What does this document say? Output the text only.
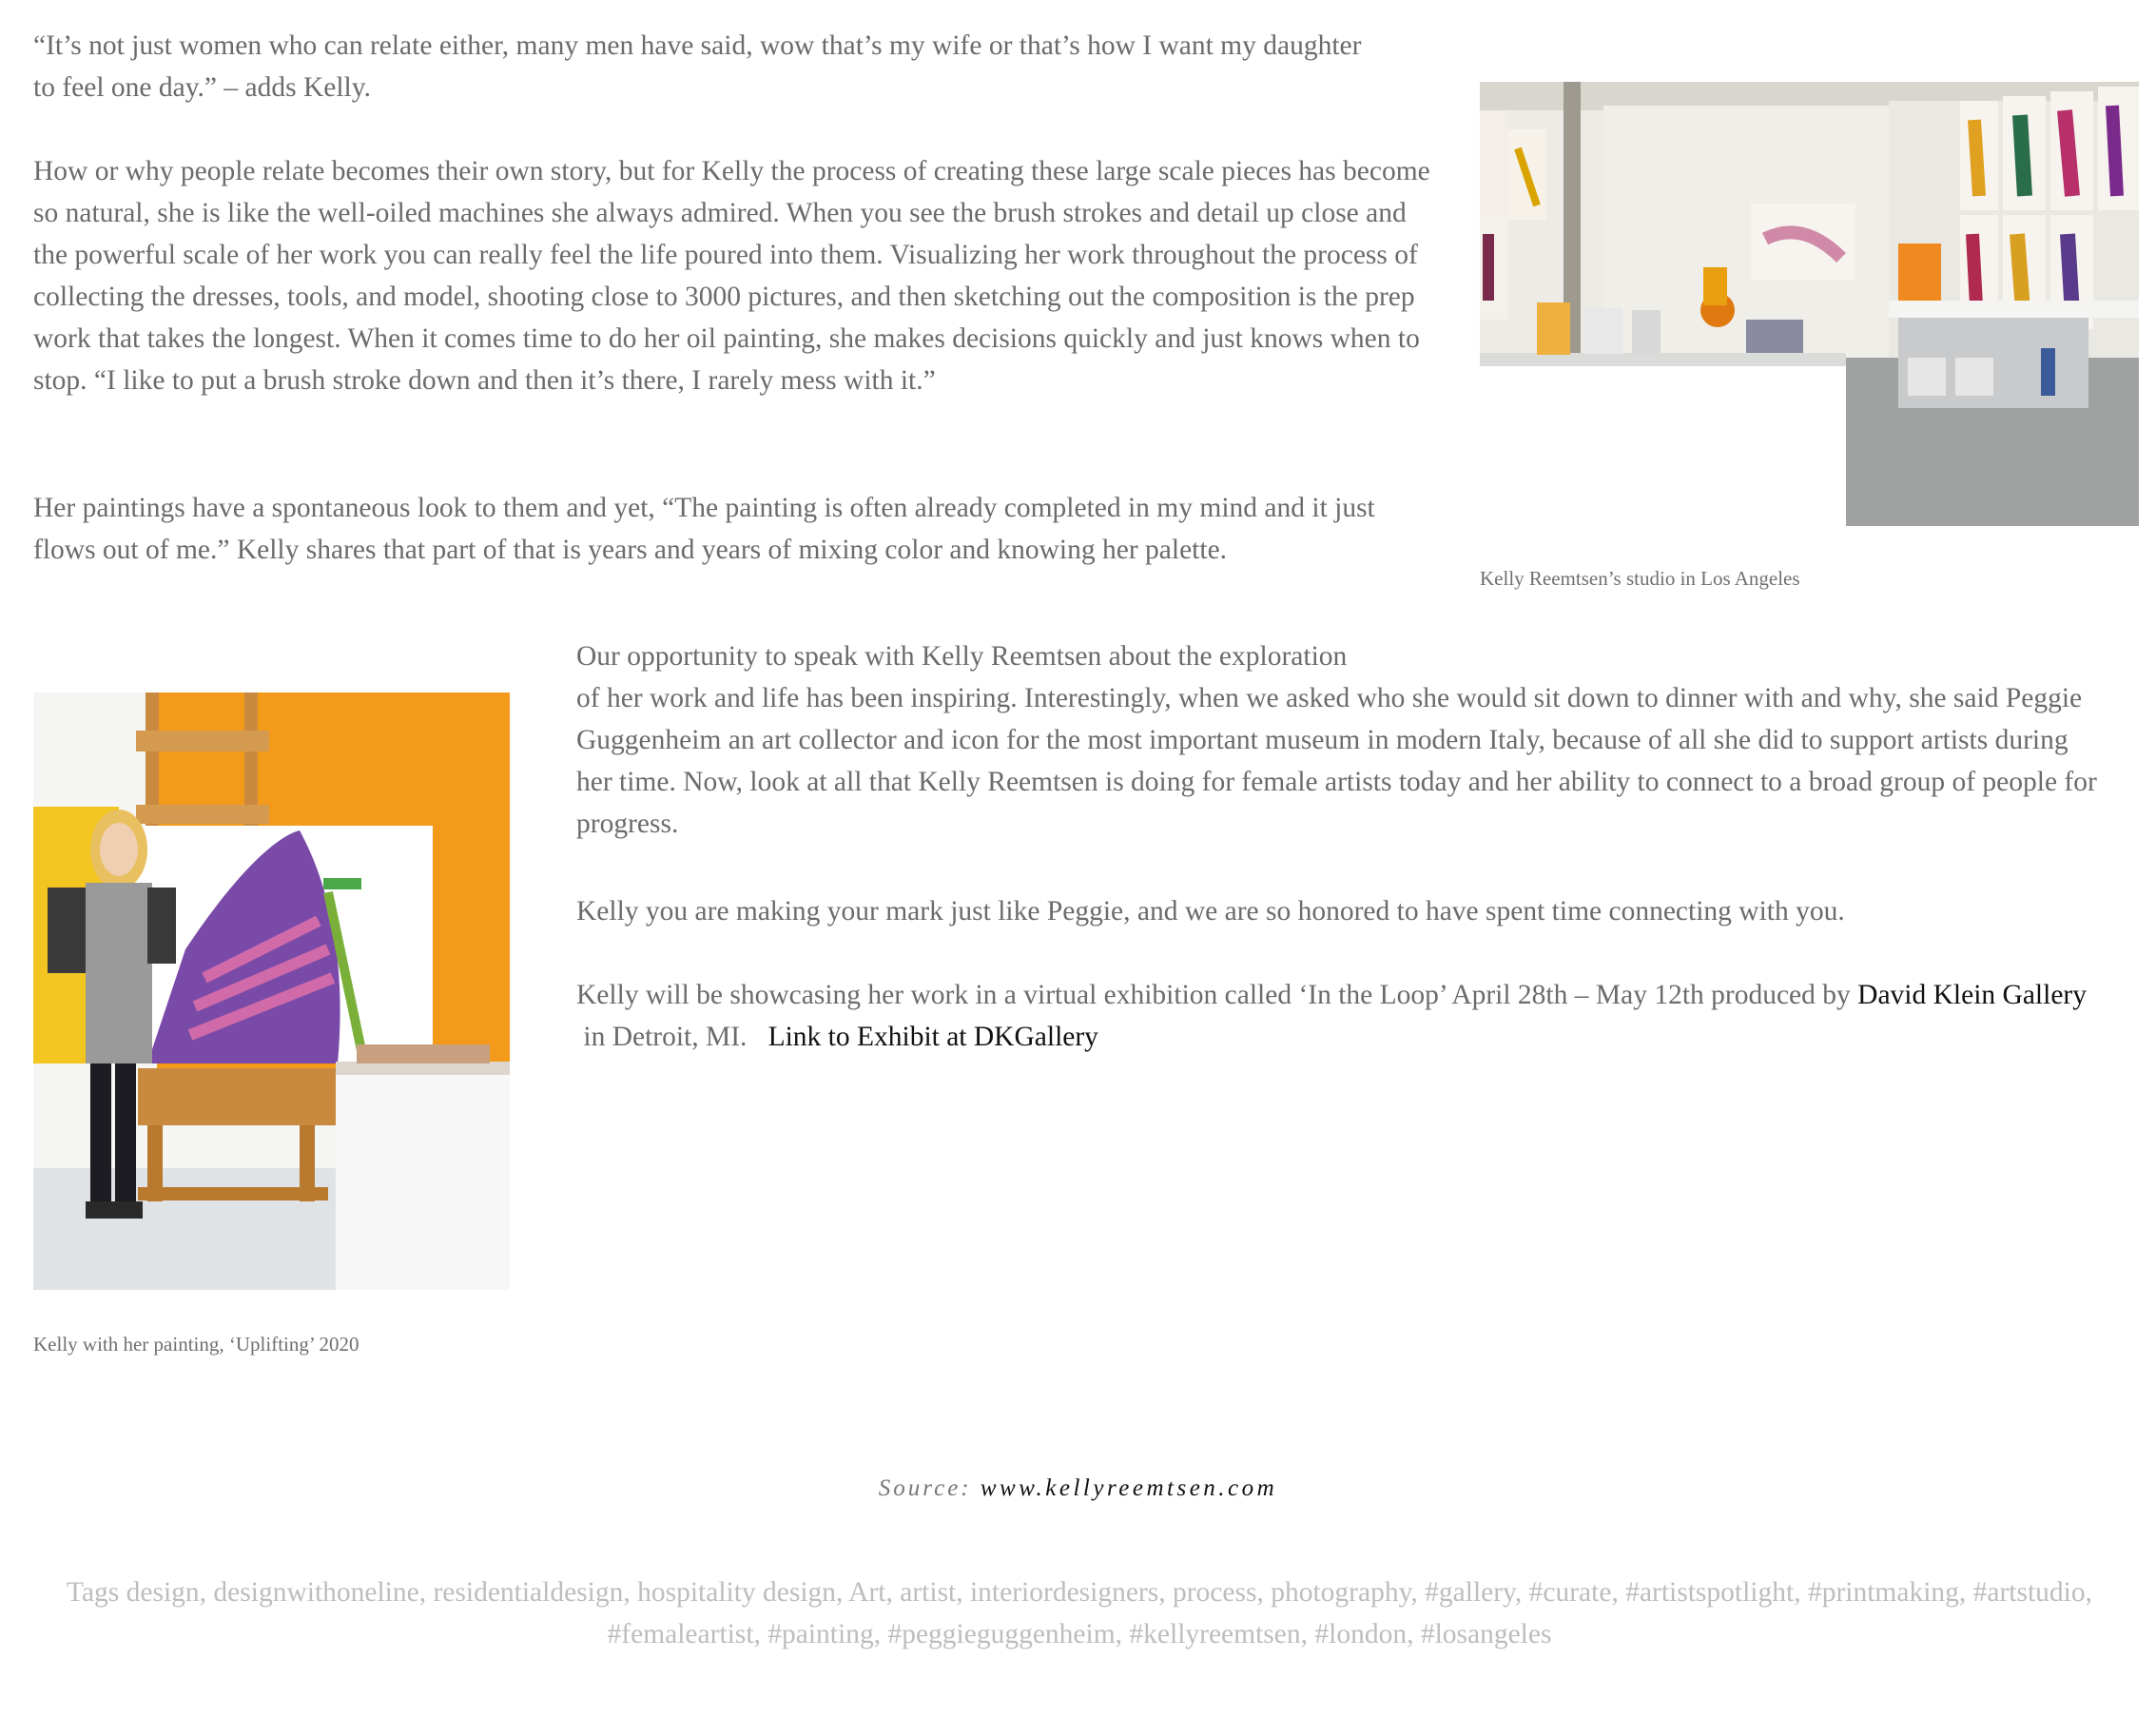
“It’s not just women who can relate either, many men have said, wow that’s my wife or that’s how I want my daughter to feel one day.” – adds Kelly.

How or why people relate becomes their own story, but for Kelly the process of creating these large scale pieces has become so natural, she is like the well-oiled machines she always admired. When you see the brush strokes and detail up close and the powerful scale of her work you can really feel the life poured into them. Visualizing her work throughout the process of collecting the dresses, tools, and model, shooting close to 3000 pictures, and then sketching out the composition is the prep work that takes the longest. When it comes time to do her oil painting, she makes decisions quickly and just knows when to stop. “I like to put a brush stroke down and then it’s there, I rarely mess with it.”

Her paintings have a spontaneous look to them and yet, “The painting is often already completed in my mind and it just flows out of me.” Kelly shares that part of that is years and years of mixing color and knowing her palette.

Kelly Reemtsen’s studio in Los Angeles

Kelly with her painting, ‘Uplifting’ 2020

Our opportunity to speak with Kelly Reemtsen about the exploration

of her work and life has been inspiring. Interestingly, when we asked who she would sit down to dinner with and why, she said Peggie Guggenheim an art collector and icon for the most important museum in modern Italy, because of all she did to support artists during her time. Now, look at all that Kelly Reemtsen is doing for female artists today and her ability to connect to a broad group of people for progress.

Kelly you are making your mark just like Peggie, and we are so honored to have spent time connecting with you.

Kelly will be showcasing her work in a virtual exhibition called ‘In the Loop’ April 28th – May 12th produced by David Klein Gallery in Detroit, MI.   Link to Exhibit at DKGallery

Source: www.kellyreemtsen.com
Tags design, designwithoneline, residentialdesign, hospitality design, Art, artist, interiordesigners, process, photography, #gallery, #curate, #artistspotlight, #printmaking, #artstudio, #femaleartist, #painting, #peggieguggenheim, #kellyreemtsen, #london, #losangeles
